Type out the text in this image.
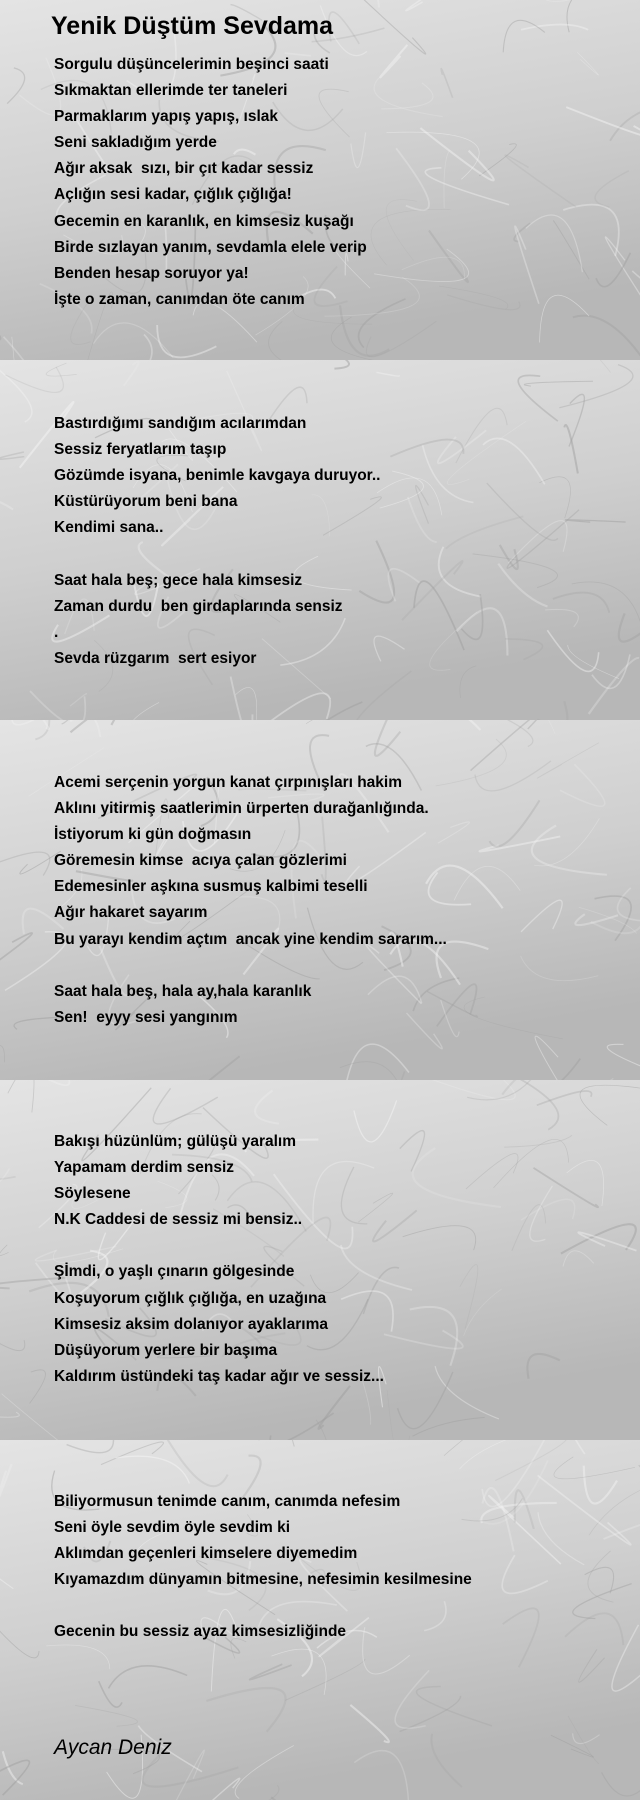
Yenik Düştüm Sevdama
Sorgulu düşüncelerimin beşinci saati
Sıkmaktan ellerimde ter taneleri
Parmaklarım yapış yapış, ıslak
Seni sakladığım yerde
Ağır aksak  sızı, bir çıt kadar sessiz
Açlığın sesi kadar, çığlık çığlığa!
Gecemin en karanlık, en kimsesiz kuşağı
Birde sızlayan yanım, sevdamla elele verip
Benden hesap soruyor ya!
İşte o zaman, canımdan öte canım
Bastırdığımı sandığım acılarımdan
Sessiz feryatlarım taşıp
Gözümde isyana, benimle kavgaya duruyor..
Küstürüyorum beni bana
Kendimi sana..
Saat hala beş; gece hala kimsesiz
Zaman durdu  ben girdaplarında sensiz
.
Sevda rüzgarım  sert esiyor
Acemi serçenin yorgun kanat çırpınışları hakim
Aklını yitirmiş saatlerimin ürperten durağanlığında.
İstiyorum ki gün doğmasın
Göremesin kimse  acıya çalan gözlerimi
Edemesinler aşkına susmuş kalbimi teselli
Ağır hakaret sayarım
Bu yarayı kendim açtım  ancak yine kendim sararım...
Saat hala beş, hala ay,hala karanlık
Sen!  eyyy sesi yangınım
Bakışı hüzünlüm; gülüşü yaralım
Yapamam derdim sensiz
Söylesene
N.K Caddesi de sessiz mi bensiz..
Şİmdi, o yaşlı çınarın gölgesinde
Koşuyorum çığlık çığlığa, en uzağına
Kimsesiz aksim dolanıyor ayaklarıma
Düşüyorum yerlere bir başıma
Kaldırım üstündeki taş kadar ağır ve sessiz...
Biliyormusun tenimde canım, canımda nefesim
Seni öyle sevdim öyle sevdim ki
Aklımdan geçenleri kimselere diyemedim
Kıyamazdım dünyamın bitmesine, nefesimin kesilmesine
Gecenin bu sessiz ayaz kimsesizliğinde

Aycan Deniz
